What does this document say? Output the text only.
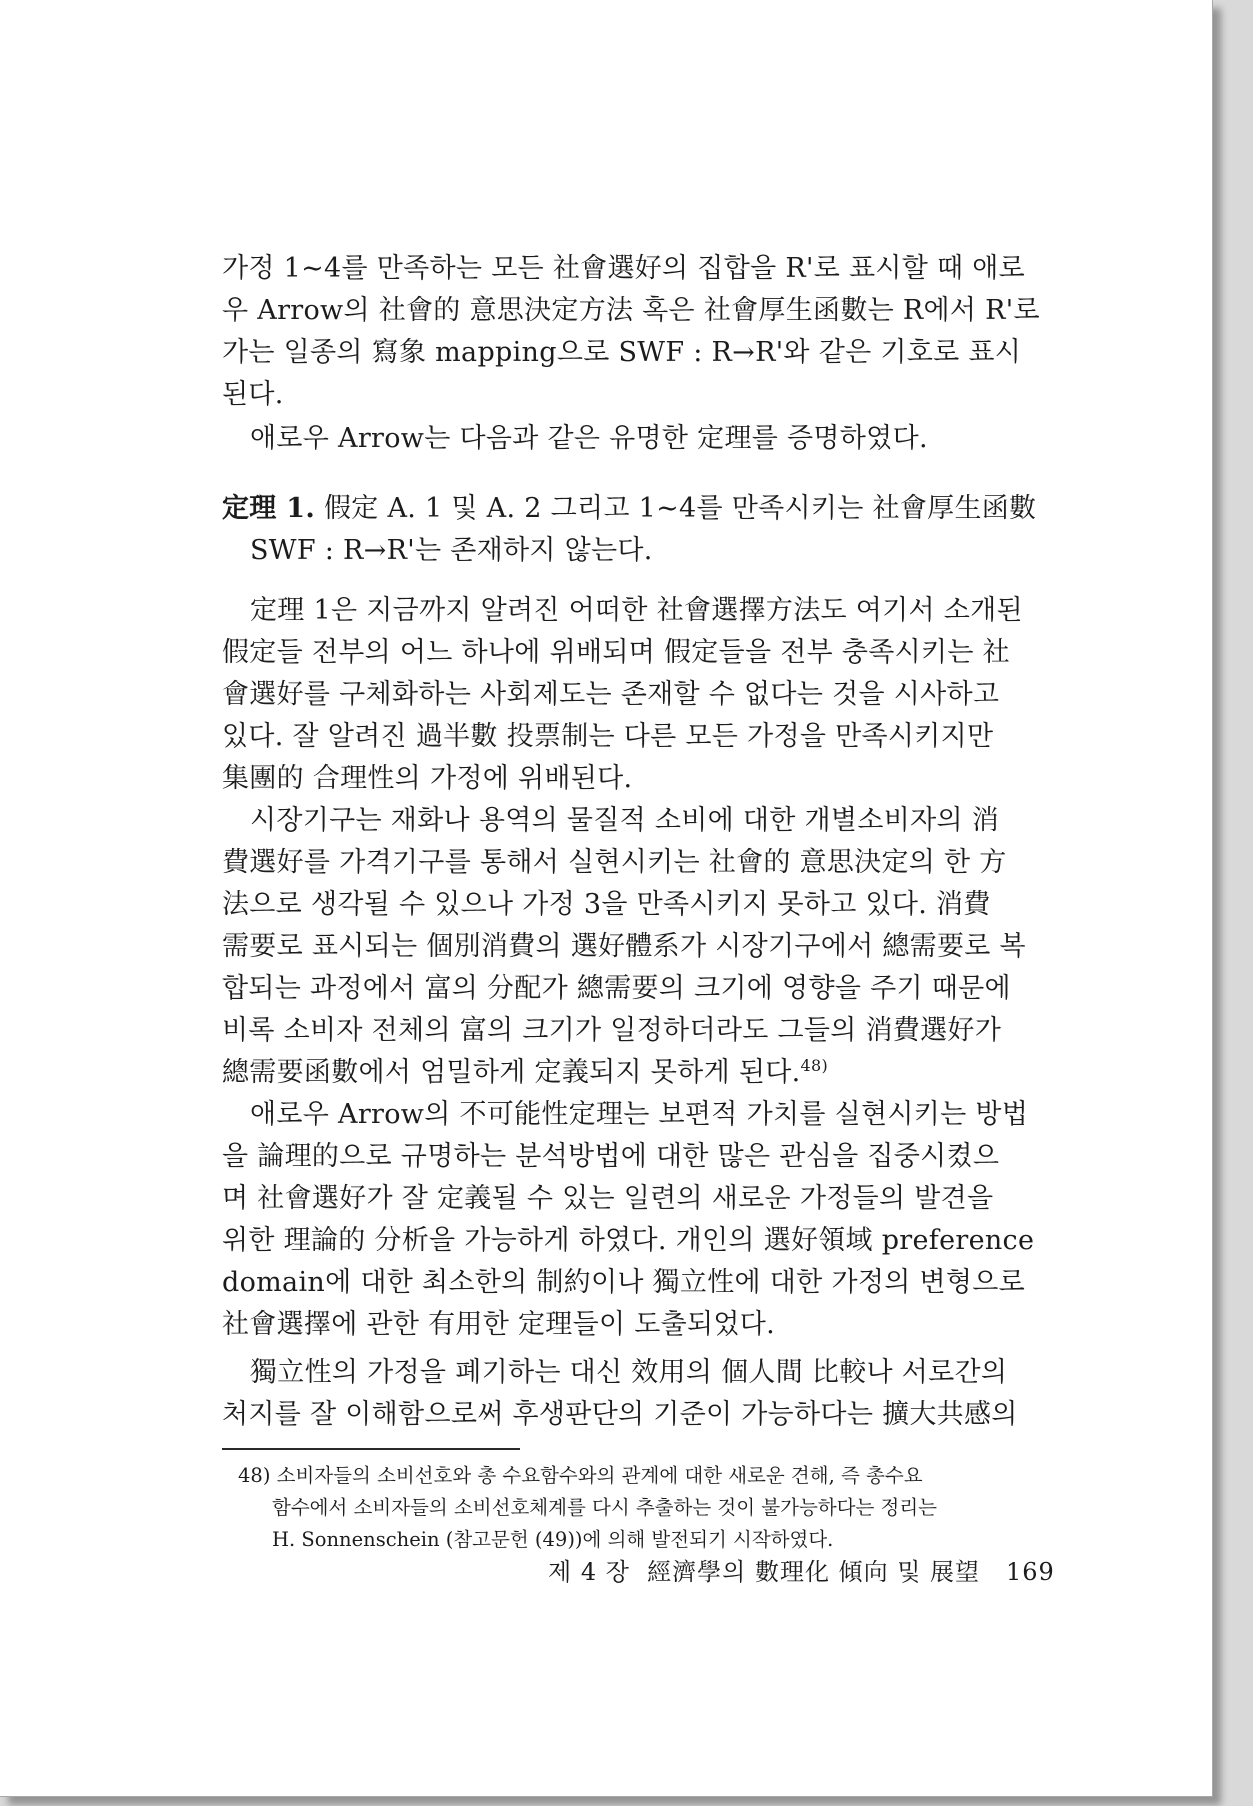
가정 1∼4를 만족하는 모든 社會選好의 집합을 R'로 표시할 때 애로
우 Arrow의 社會的 意思決定方法 혹은 社會厚生函數는 R에서 R'로
가는 일종의 寫象 mapping으로 SWF : R→R'와 같은 기호로 표시
된다.
애로우 Arrow는 다음과 같은 유명한 定理를 증명하였다.
定理 1. 假定 A. 1 및 A. 2 그리고 1∼4를 만족시키는 社會厚生函數
SWF : R→R'는 존재하지 않는다.
定理 1은 지금까지 알려진 어떠한 社會選擇方法도 여기서 소개된
假定들 전부의 어느 하나에 위배되며 假定들을 전부 충족시키는 社
會選好를 구체화하는 사회제도는 존재할 수 없다는 것을 시사하고
있다. 잘 알려진 過半數 投票制는 다른 모든 가정을 만족시키지만
集團的 合理性의 가정에 위배된다.
시장기구는 재화나 용역의 물질적 소비에 대한 개별소비자의 消
費選好를 가격기구를 통해서 실현시키는 社會的 意思決定의 한 方
法으로 생각될 수 있으나 가정 3을 만족시키지 못하고 있다. 消費
需要로 표시되는 個別消費의 選好體系가 시장기구에서 總需要로 복
합되는 과정에서 富의 分配가 總需要의 크기에 영향을 주기 때문에
비록 소비자 전체의 富의 크기가 일정하더라도 그들의 消費選好가
總需要函數에서 엄밀하게 定義되지 못하게 된다.$^{48)}$
애로우 Arrow의 不可能性定理는 보편적 가치를 실현시키는 방법
을 論理的으로 규명하는 분석방법에 대한 많은 관심을 집중시켰으
며 社會選好가 잘 定義될 수 있는 일련의 새로운 가정들의 발견을
위한 理論的 分析을 가능하게 하였다. 개인의 選好領域 preference
domain에 대한 최소한의 制約이나 獨立性에 대한 가정의 변형으로
社會選擇에 관한 有用한 定理들이 도출되었다.
獨立性의 가정을 폐기하는 대신 效用의 個人間 比較나 서로간의
처지를 잘 이해함으로써 후생판단의 기준이 가능하다는 擴大共感의
48) 소비자들의 소비선호와 총 수요함수와의 관계에 대한 새로운 견해, 즉 총수요
함수에서 소비자들의 소비선호체계를 다시 추출하는 것이 불가능하다는 정리는
H. Sonnenschein (참고문헌 (49))에 의해 발전되기 시작하였다.
제 4 장 經濟學의 數理化 傾向 및 展望 169
